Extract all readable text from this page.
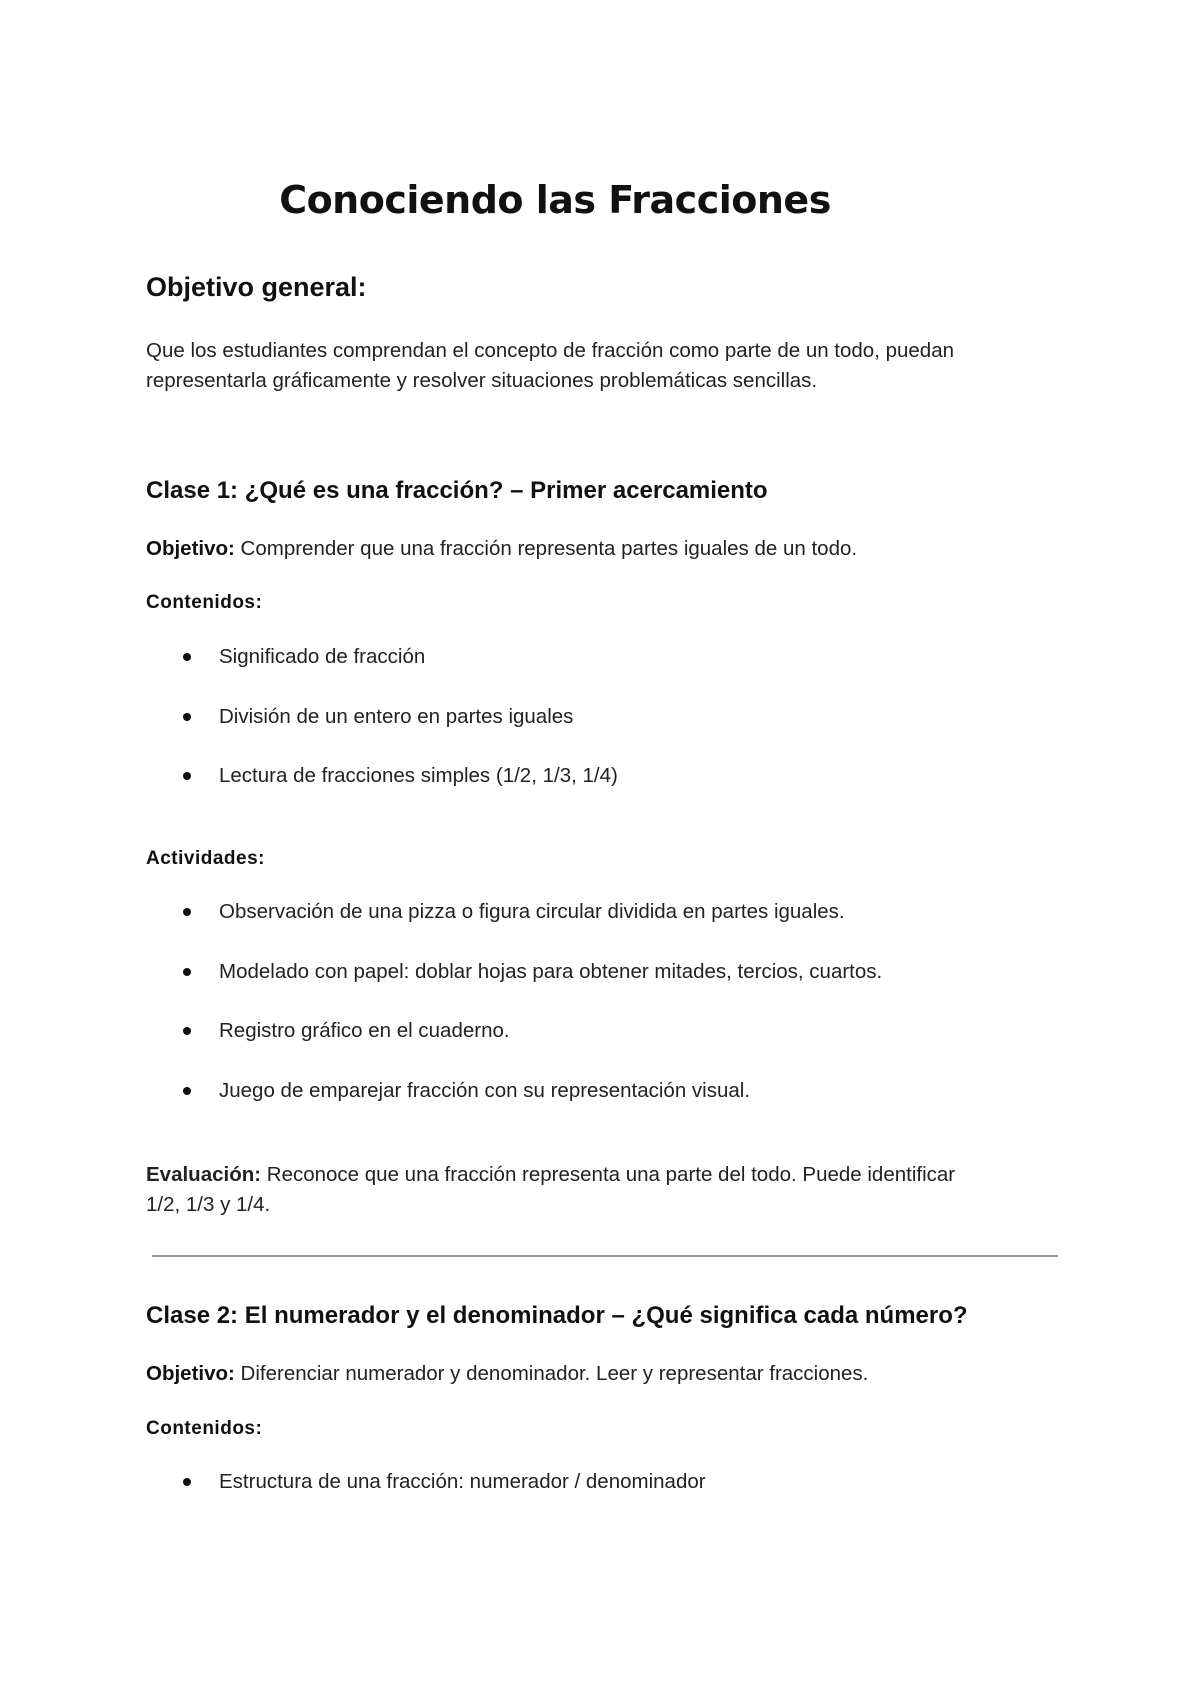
Conociendo las Fracciones
Objetivo general:

Que los estudiantes comprendan el concepto de fracción como parte de un todo, puedan
representarla gráficamente y resolver situaciones problemáticas sencillas.

Clase 1: ¿Qué es una fracción? – Primer acercamiento

Objetivo: Comprender que una fracción representa partes iguales de un todo.

Contenidos:

Significado de fracción

División de un entero en partes iguales

Lectura de fracciones simples (1/2, 1/3, 1/4)

Actividades:

Observación de una pizza o figura circular dividida en partes iguales.

Modelado con papel: doblar hojas para obtener mitades, tercios, cuartos.

Registro gráfico en el cuaderno.

Juego de emparejar fracción con su representación visual.

Evaluación: Reconoce que una fracción representa una parte del todo. Puede identificar
1/2, 1/3 y 1/4.

Clase 2: El numerador y el denominador – ¿Qué significa cada número?

Objetivo: Diferenciar numerador y denominador. Leer y representar fracciones.

Contenidos:

Estructura de una fracción: numerador / denominador
